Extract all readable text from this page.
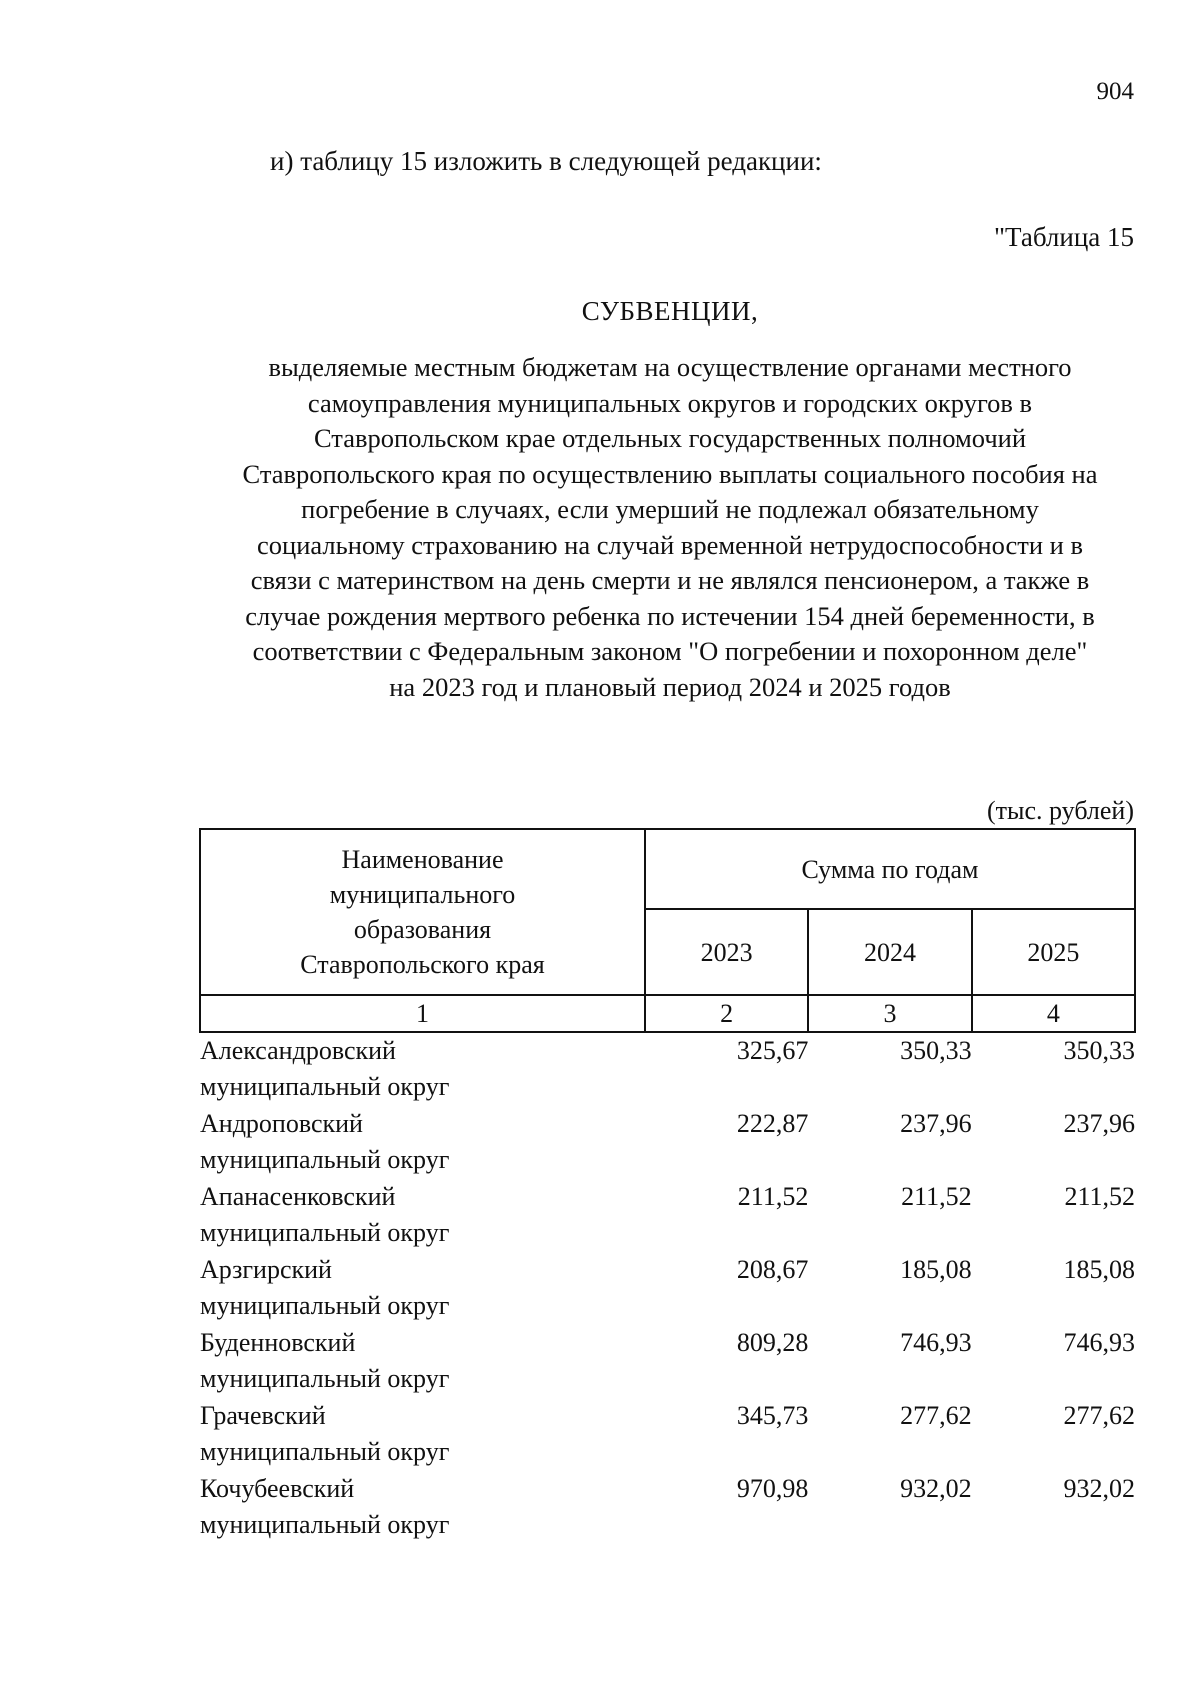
904
и) таблицу 15 изложить в следующей редакции:
"Таблица 15
СУБВЕНЦИИ,
выделяемые местным бюджетам на осуществление органами местного
самоуправления муниципальных округов и городских округов в
Ставропольском крае отдельных государственных полномочий
Ставропольского края по осуществлению выплаты социального пособия на
погребение в случаях, если умерший не подлежал обязательному
социальному страхованию на случай временной нетрудоспособности и в
связи с материнством на день смерти и не являлся пенсионером, а также в
случае рождения мертвого ребенка по истечении 154 дней беременности, в
соответствии с Федеральным законом "О погребении и похоронном деле"
на 2023 год и плановый период 2024 и 2025 годов
(тыс. рублей)
Наименование
муниципального
образования
Ставропольского края	Сумма по годам		
	2023	2024	2025
1	2	3	4

Александровский
муниципальный округ	325,67	350,33	350,33

Андроповский
муниципальный округ	222,87	237,96	237,96

Апанасенковский
муниципальный округ	211,52	211,52	211,52

Арзгирский
муниципальный округ	208,67	185,08	185,08

Буденновский
муниципальный округ	809,28	746,93	746,93

Грачевский
муниципальный округ	345,73	277,62	277,62

Кочубеевский
муниципальный округ	970,98	932,02	932,02
